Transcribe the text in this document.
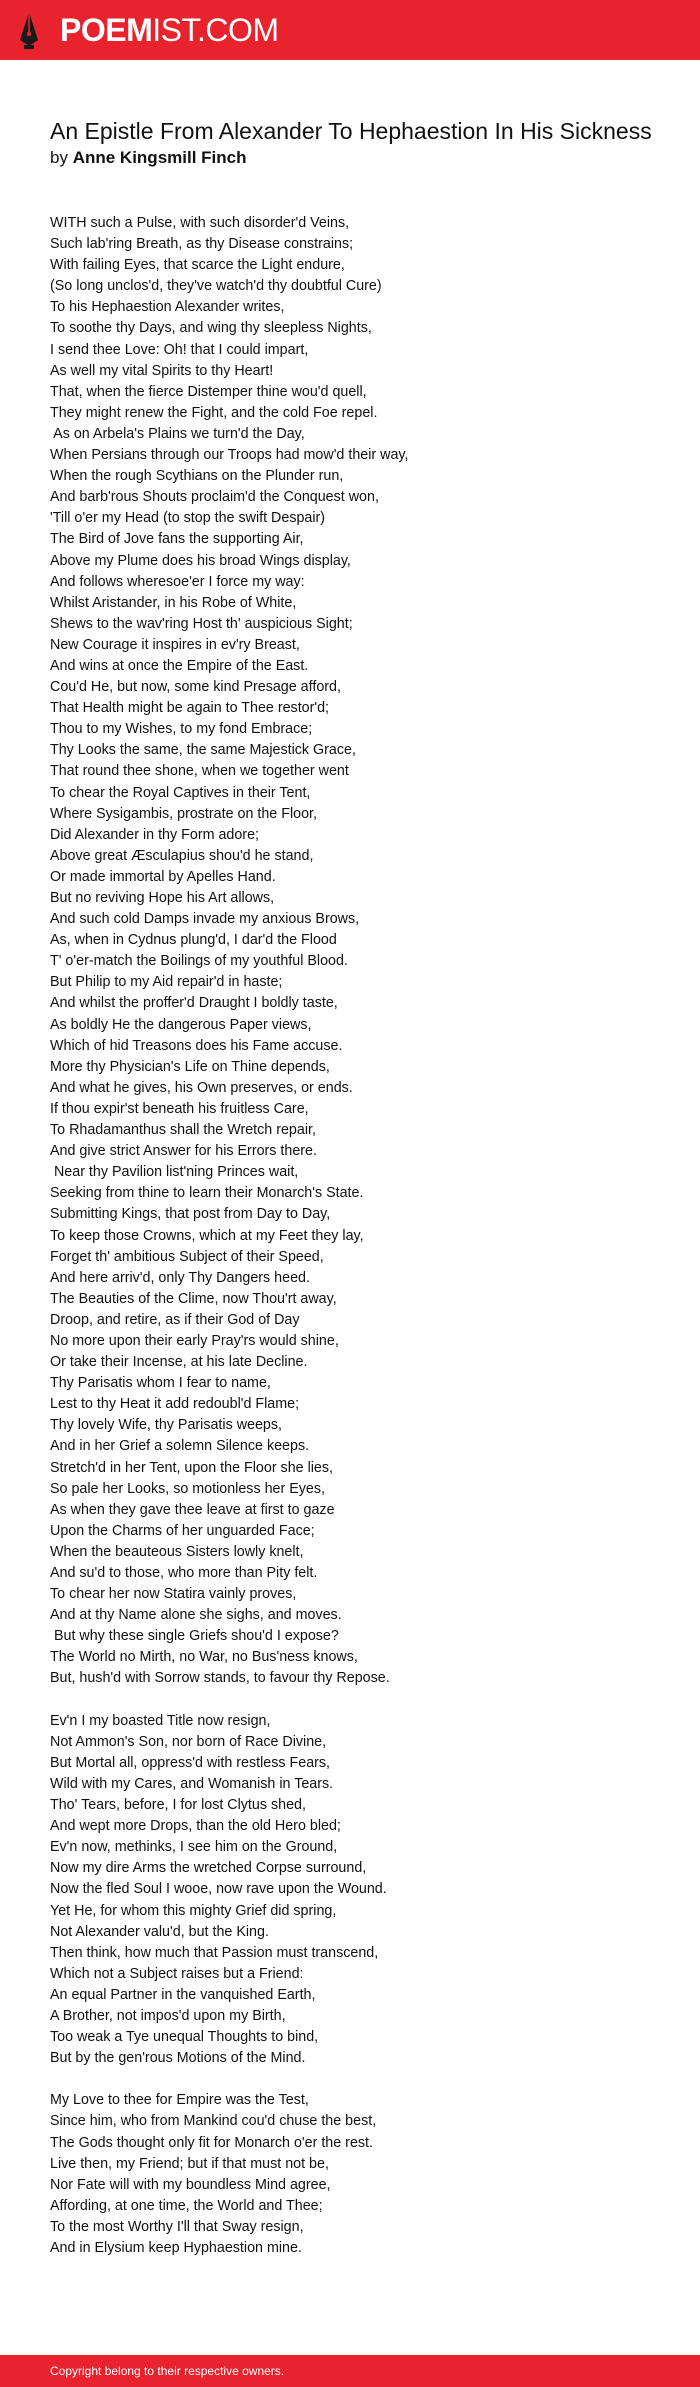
POEMIST.COM
An Epistle From Alexander To Hephaestion In His Sickness
by Anne Kingsmill Finch
WITH such a Pulse, with such disorder'd Veins,
Such lab'ring Breath, as thy Disease constrains;
With failing Eyes, that scarce the Light endure,
(So long unclos'd, they've watch'd thy doubtful Cure)
To his Hephaestion Alexander writes,
To soothe thy Days, and wing thy sleepless Nights,
I send thee Love: Oh! that I could impart,
As well my vital Spirits to thy Heart!
That, when the fierce Distemper thine wou'd quell,
They might renew the Fight, and the cold Foe repel.
As on Arbela's Plains we turn'd the Day,
When Persians through our Troops had mow'd their way,
When the rough Scythians on the Plunder run,
And barb'rous Shouts proclaim'd the Conquest won,
'Till o'er my Head (to stop the swift Despair)
The Bird of Jove fans the supporting Air,
Above my Plume does his broad Wings display,
And follows wheresoe'er I force my way:
Whilst Aristander, in his Robe of White,
Shews to the wav'ring Host th' auspicious Sight;
New Courage it inspires in ev'ry Breast,
And wins at once the Empire of the East.
Cou'd He, but now, some kind Presage afford,
That Health might be again to Thee restor'd;
Thou to my Wishes, to my fond Embrace;
Thy Looks the same, the same Majestick Grace,
That round thee shone, when we together went
To chear the Royal Captives in their Tent,
Where Sysigambis, prostrate on the Floor,
Did Alexander in thy Form adore;
Above great Æsculapius shou'd he stand,
Or made immortal by Apelles Hand.
But no reviving Hope his Art allows,
And such cold Damps invade my anxious Brows,
As, when in Cydnus plung'd, I dar'd the Flood
T' o'er-match the Boilings of my youthful Blood.
But Philip to my Aid repair'd in haste;
And whilst the proffer'd Draught I boldly taste,
As boldly He the dangerous Paper views,
Which of hid Treasons does his Fame accuse.
More thy Physician's Life on Thine depends,
And what he gives, his Own preserves, or ends.
If thou expir'st beneath his fruitless Care,
To Rhadamanthus shall the Wretch repair,
And give strict Answer for his Errors there.
Near thy Pavilion list'ning Princes wait,
Seeking from thine to learn their Monarch's State.
Submitting Kings, that post from Day to Day,
To keep those Crowns, which at my Feet they lay,
Forget th' ambitious Subject of their Speed,
And here arriv'd, only Thy Dangers heed.
The Beauties of the Clime, now Thou'rt away,
Droop, and retire, as if their God of Day
No more upon their early Pray'rs would shine,
Or take their Incense, at his late Decline.
Thy Parisatis whom I fear to name,
Lest to thy Heat it add redoubl'd Flame;
Thy lovely Wife, thy Parisatis weeps,
And in her Grief a solemn Silence keeps.
Stretch'd in her Tent, upon the Floor she lies,
So pale her Looks, so motionless her Eyes,
As when they gave thee leave at first to gaze
Upon the Charms of her unguarded Face;
When the beauteous Sisters lowly knelt,
And su'd to those, who more than Pity felt.
To chear her now Statira vainly proves,
And at thy Name alone she sighs, and moves.
But why these single Griefs shou'd I expose?
The World no Mirth, no War, no Bus'ness knows,
But, hush'd with Sorrow stands, to favour thy Repose.
Ev'n I my boasted Title now resign,
Not Ammon's Son, nor born of Race Divine,
But Mortal all, oppress'd with restless Fears,
Wild with my Cares, and Womanish in Tears.
Tho' Tears, before, I for lost Clytus shed,
And wept more Drops, than the old Hero bled;
Ev'n now, methinks, I see him on the Ground,
Now my dire Arms the wretched Corpse surround,
Now the fled Soul I wooe, now rave upon the Wound.
Yet He, for whom this mighty Grief did spring,
Not Alexander valu'd, but the King.
Then think, how much that Passion must transcend,
Which not a Subject raises but a Friend:
An equal Partner in the vanquished Earth,
A Brother, not impos'd upon my Birth,
Too weak a Tye unequal Thoughts to bind,
But by the gen'rous Motions of the Mind.
My Love to thee for Empire was the Test,
Since him, who from Mankind cou'd chuse the best,
The Gods thought only fit for Monarch o'er the rest.
Live then, my Friend; but if that must not be,
Nor Fate will with my boundless Mind agree,
Affording, at one time, the World and Thee;
To the most Worthy I'll that Sway resign,
And in Elysium keep Hyphaestion mine.
Copyright belong to their respective owners.
